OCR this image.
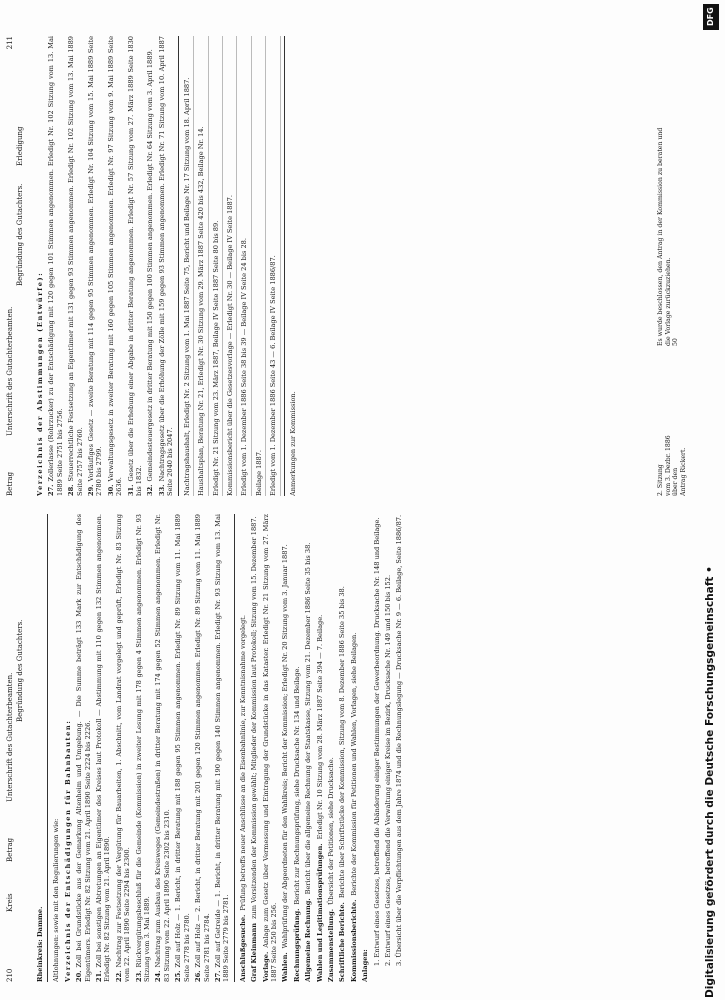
210
Kreis
Betrag
Unterschrift des Gutachterbeamten.
Begründung des Gutachters.
Rheinkreis: Damme. Altlohnungen: sowie mit den Regulierungen wie: Verzeichnis der Entschädigungen für Bahnbauten: 20.Zoll bei Grundstücke aus der Gemarkung Altenheim und Umgebung. — Die Summe beträgt 133 Mark zur Entschädigung des Eigentümers. Erledigt Nr. 82 Sitzung vom 21. April 1890 Seite 2224 bis 2226. 21.Zoll bei sonstigen Abtretungen an Eigentümer des Kreises laut Protokoll — Abstimmung mit 110 gegen 132 Stimmen angenommen. Erledigt Nr. 82 Sitzung vom 21. April 1890. 22.Nachtrag zur Festsetzung der Vergütung für Bauarbeiten, 1. Abschnitt, vom Landrat vorgelegt und geprüft, Erledigt Nr. 83 Sitzung vom 22. April 1890 Seite 2294 bis 2300. 23.Rückvergütungsbeschluß für die Gemeinde (Kommission) in zweiter Lesung mit 178 gegen 4 Stimmen angenommen. Erledigt Nr. 93 Sitzung vom 3. Mai 1889. 24.Nachtrag zum Ausbau des Kreisweges (Gemeindestraßen) in dritter Beratung mit 174 gegen 52 Stimmen angenommen. Erledigt Nr. 83 Sitzung vom 22. April 1890 Seite 2302 bis 2310. 25.Zoll auf Holz — 1. Bericht, in dritter Beratung mit 188 gegen 95 Stimmen angenommen. Erledigt Nr. 89 Sitzung vom 11. Mai 1889 Seite 2778 bis 2780. 26.Zoll auf Holz — 2. Bericht, in dritter Beratung mit 201 gegen 120 Stimmen angenommen. Erledigt Nr. 89 Sitzung vom 11. Mai 1889 Seite 2781 bis 2784. 27.Zoll auf Getreide — 1. Bericht, in dritter Beratung mit 190 gegen 140 Stimmen angenommen. Erledigt Nr. 93 Sitzung vom 13. Mai 1889 Seite 2779 bis 2781. Anschlußgesuche.Prüfung betreffs neuer Anschlüsse an die Eisenbahnlinie, zur Kenntnisnahme vorgelegt.
Graf Kleinmannzum Vorsitzenden der Kommission gewählt; Mitglieder der Kommission laut Protokoll; Sitzung vom 15. Dezember 1887.
Vorlage.Anlage zum Gesetz über Vermessung und Eintragung der Grundstücke in das Kataster. Erledigt Nr. 21 Sitzung vom 27. März 1887 Seite 250 bis 256. Wahlen.Wahlprüfung der Abgeordneten für den Wahlkreis; Bericht der Kommission; Erledigt Nr. 20 Sitzung vom 3. Januar 1887. Rechnungsprüfung.Bericht zur Rechnungsprüfung, siehe Drucksache Nr. 134 und Beilage.
Allgemeine Rechnung.Bericht über die allgemeine Rechnung der Staatskasse, Sitzung vom 21. Dezember 1886 Seite 35 bis 38.
Wahlen und Legitimationsprüfungen.Erledigt Nr. 10 Sitzung vom 28. März 1887 Seite 394 — 7. Beilage.
Zusammenstellung.Übersicht der Petitionen, siehe Drucksache.
Schriftliche Berichte.Berichte über Schriftstücke der Kommission, Sitzung vom 8. Dezember 1886 Seite 35 bis 38.
Kommissionsberichte.Berichte der Kommission für Petitionen und Wahlen, Vorlagen, siehe Beilagen.
Anlagen: 1. Entwurf eines Gesetzes, betreffend die Abänderung einiger Bestimmungen der Gewerbeordnung. Drucksache Nr. 148 und Beilage. 2. Entwurf eines Gesetzes, betreffend die Verwaltung einiger Kreise im Bezirk, Drucksache Nr. 149 und 150 bis 152. 3. Übersicht über die Verpflichtungen aus dem Jahre 1874 und die Rechnungslegung — Drucksache Nr. 9 — 6. Beilage, Seite 1886/87.
Betrag
Unterschrift des Gutachterbeamten.
Begründung des Gutachters.
Erledigung
211
Verzeichnis der Abstimmungen (Entwürfe): 27.Zollerlasse (Rohrzucker) zu der Entschädigung mit 120 gegen 101 Stimmen angenommen. Erledigt Nr. 102 Sitzung vom 13. Mai 1889 Seite 2751 bis 2756. 28.Steuerrechtliche Festsetzung an Eigentümer mit 131 gegen 93 Stimmen angenommen. Erledigt Nr. 102 Sitzung vom 13. Mai 1889 Seite 2757 bis 2760. 29.Vorläufiges Gesetz — zweite Beratung mit 114 gegen 95 Stimmen angenommen. Erledigt Nr. 104 Sitzung vom 15. Mai 1889 Seite 2780 bis 2799. 30.Verwaltungsgesetz in zweiter Beratung mit 160 gegen 105 Stimmen angenommen. Erledigt Nr. 97 Sitzung vom 9. Mai 1889 Seite 2636. 31.Gesetz über die Erhebung einer Abgabe in dritter Beratung angenommen. Erledigt Nr. 57 Sitzung vom 27. März 1889 Seite 1830 bis 1832. 32.Gemeindesteuergesetz in dritter Beratung mit 150 gegen 100 Stimmen angenommen. Erledigt Nr. 64 Sitzung vom 3. April 1889.
33.Nachtragsgesetz über die Erhöhung der Zölle mit 159 gegen 93 Stimmen angenommen. Erledigt Nr. 71 Sitzung vom 10. April 1887 Seite 2040 bis 2047. Nachtragshaushalt, Erledigt Nr. 2 Sitzung vom 1. Mai 1887 Seite 75, Bericht und Beilage Nr. 17 Sitzung vom 18. April 1887. Haushaltsplan, Beratung Nr. 21, Erledigt Nr. 30 Sitzung vom 29. März 1887 Seite 420 bis 432, Beilage Nr. 14. Erledigt Nr. 21 Sitzung vom 23. März 1887, Beilage IV Seite 1887 Seite 80 bis 89. Kommissionsbericht über die Gesetzesvorlage — Erledigt Nr. 30 — Beilage IV Seite 1887. Erledigt vom 1. Dezember 1886 Seite 38 bis 39 — Beilage IV Seite 24 bis 28. Beilage 1887. Erledigt vom 1. Dezember 1886 Seite 43 — 6. Beilage IV Seite 1886/87.	Anmerkungen zur Kommission.	2. Sitzung
vom 3. Dezbr. 1886
über den
Antrag Rickert.
Es wurde beschlossen, den Antrag in der Kommission zu beraten und
die Vorlage zurückzuziehen.
50
Digitalisierung gefördert durch die Deutsche Forschungsgemeinschaft •
DFG
